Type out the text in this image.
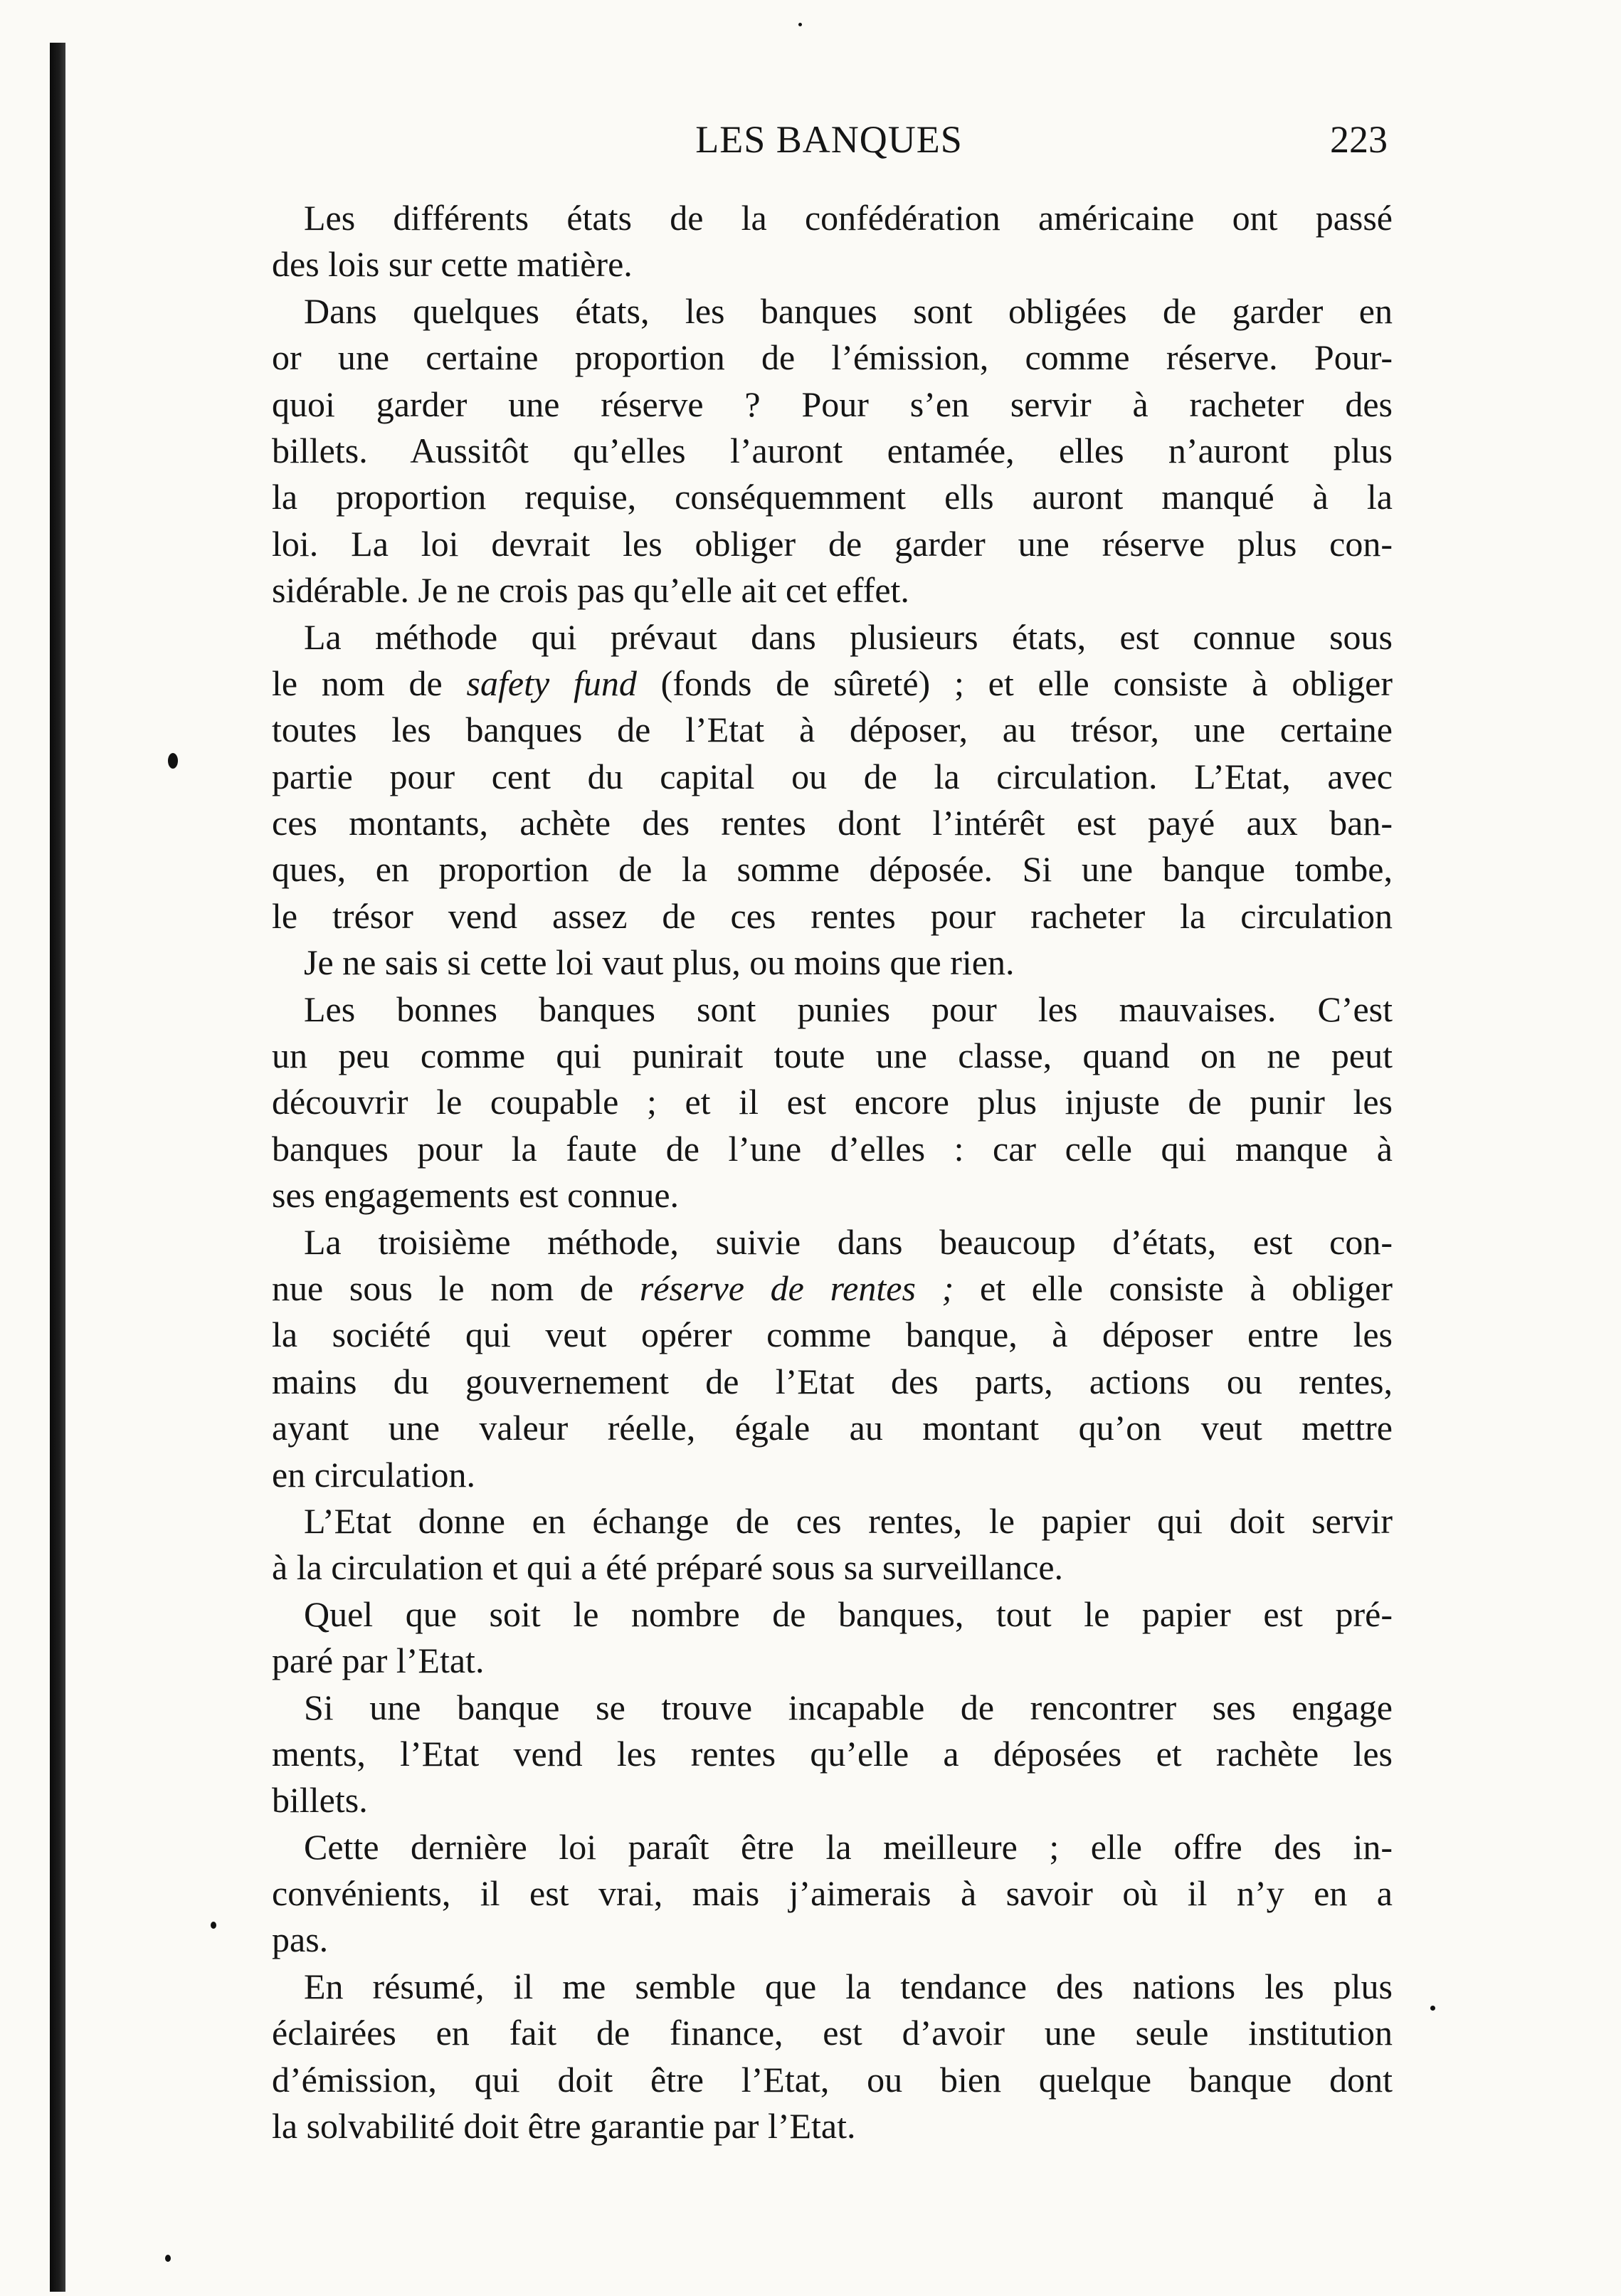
LES BANQUES	223
Les différents états de la confédération américaine ont passé
des lois sur cette matière.
Dans quelques états, les banques sont obligées de garder en
or une certaine proportion de l’émission, comme réserve. Pour-
quoi garder une réserve ? Pour s’en servir à racheter des
billets. Aussitôt qu’elles l’auront entamée, elles n’auront plus
la proportion requise, conséquemment ells auront manqué à la
loi. La loi devrait les obliger de garder une réserve plus con-
sidérable. Je ne crois pas qu’elle ait cet effet.
La méthode qui prévaut dans plusieurs états, est connue sous
le nom de safety fund (fonds de sûreté) ; et elle consiste à obliger
toutes les banques de l’Etat à déposer, au trésor, une certaine
partie pour cent du capital ou de la circulation. L’Etat, avec
ces montants, achète des rentes dont l’intérêt est payé aux ban-
ques, en proportion de la somme déposée. Si une banque tombe,
le trésor vend assez de ces rentes pour racheter la circulation
Je ne sais si cette loi vaut plus, ou moins que rien.
Les bonnes banques sont punies pour les mauvaises. C’est
un peu comme qui punirait toute une classe, quand on ne peut
découvrir le coupable ; et il est encore plus injuste de punir les
banques pour la faute de l’une d’elles : car celle qui manque à
ses engagements est connue.
La troisième méthode, suivie dans beaucoup d’états, est con-
nue sous le nom de réserve de rentes ; et elle consiste à obliger
la société qui veut opérer comme banque, à déposer entre les
mains du gouvernement de l’Etat des parts, actions ou rentes,
ayant une valeur réelle, égale au montant qu’on veut mettre
en circulation.
L’Etat donne en échange de ces rentes, le papier qui doit servir
à la circulation et qui a été préparé sous sa surveillance.
Quel que soit le nombre de banques, tout le papier est pré-
paré par l’Etat.
Si une banque se trouve incapable de rencontrer ses engage
ments, l’Etat vend les rentes qu’elle a déposées et rachète les
billets.
Cette dernière loi paraît être la meilleure ; elle offre des in-
convénients, il est vrai, mais j’aimerais à savoir où il n’y en a
pas.
En résumé, il me semble que la tendance des nations les plus
éclairées en fait de finance, est d’avoir une seule institution
d’émission, qui doit être l’Etat, ou bien quelque banque dont
la solvabilité doit être garantie par l’Etat.
